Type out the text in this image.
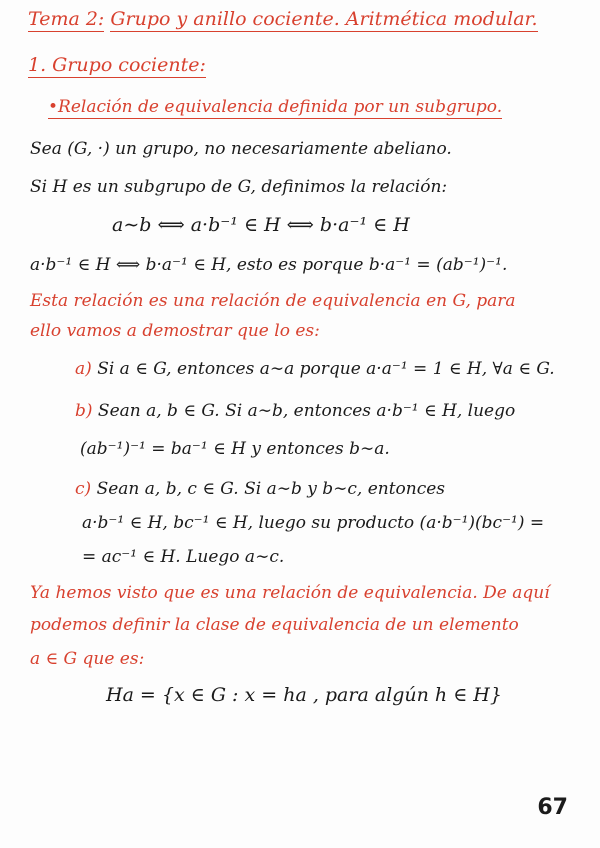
Tema 2: Grupo y anillo cociente. Aritmética modular.
1. Grupo cociente:
•Relación de equivalencia definida por un subgrupo.
Sea (G, ·) un grupo, no necesariamente abeliano.
Si H es un subgrupo de G, definimos la relación:
a∼b ⟺ a·b⁻¹ ∈ H ⟺ b·a⁻¹ ∈ H
a·b⁻¹ ∈ H ⟺ b·a⁻¹ ∈ H, esto es porque b·a⁻¹ = (ab⁻¹)⁻¹.
Esta relación es una relación de equivalencia en G, para
ello vamos a demostrar que lo es:
a) Si a ∈ G, entonces a∼a porque a·a⁻¹ = 1 ∈ H, ∀a ∈ G.
b) Sean a, b ∈ G. Si a∼b, entonces a·b⁻¹ ∈ H, luego
(ab⁻¹)⁻¹ = ba⁻¹ ∈ H y entonces b∼a.
c) Sean a, b, c ∈ G. Si a∼b y b∼c, entonces
a·b⁻¹ ∈ H, bc⁻¹ ∈ H, luego su producto (a·b⁻¹)(bc⁻¹) =
= ac⁻¹ ∈ H. Luego a∼c.
Ya hemos visto que es una relación de equivalencia. De aquí
podemos definir la clase de equivalencia de un elemento
a ∈ G que es:
Ha = {x ∈ G : x = ha , para algún h ∈ H}
67
